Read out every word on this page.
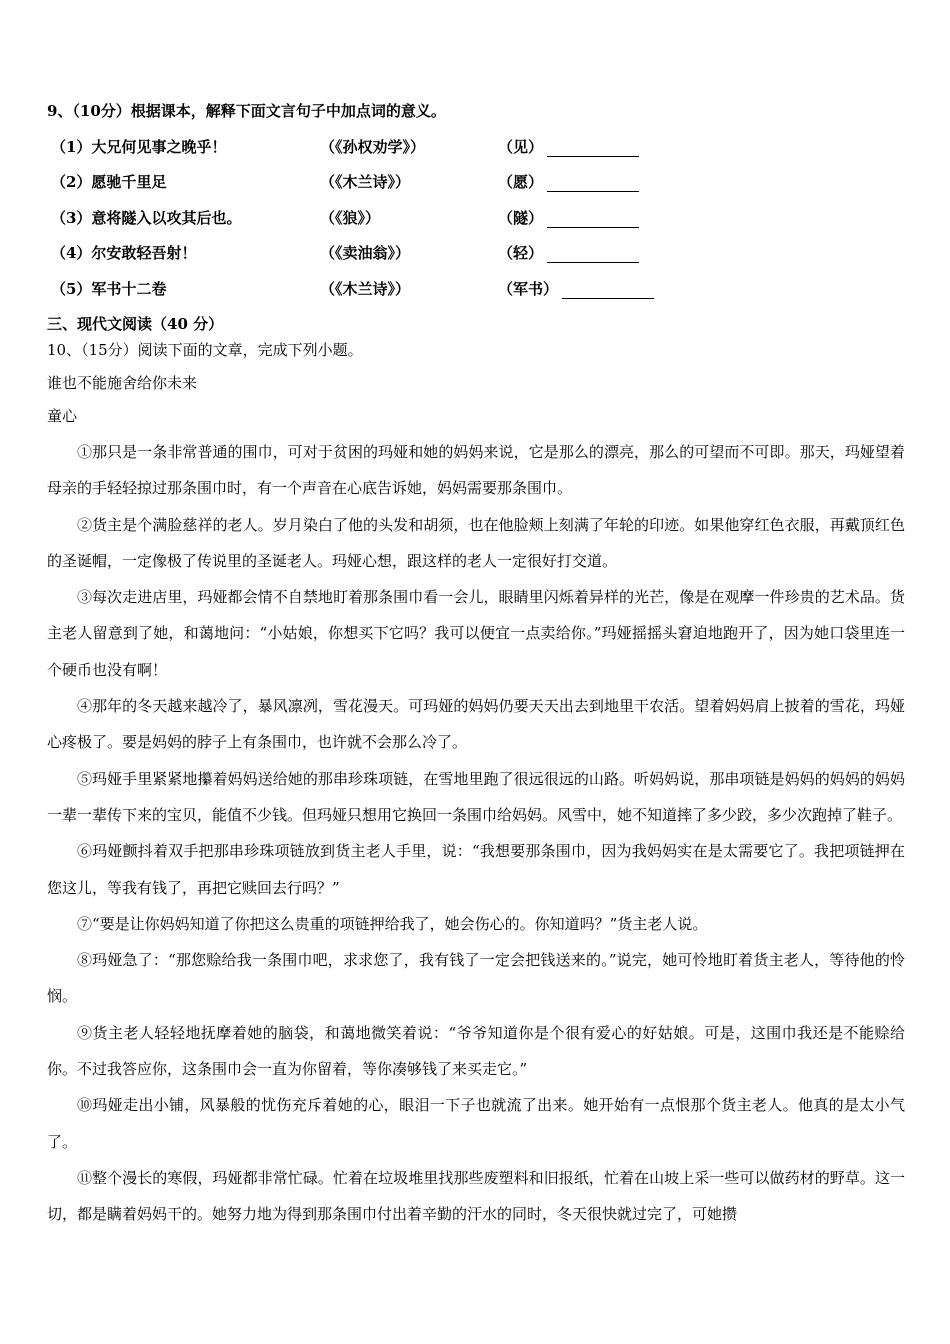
9、（10分）根据课本，解释下面文言句子中加点词的意义。
（1）大兄何见事之晚乎！	（《孙权劝学》）	（见）
（2）愿驰千里足	（《木兰诗》）	（愿）
（3）意将隧入以攻其后也。	（《狼》）	（隧）
（4）尔安敢轻吾射！	（《卖油翁》）	（轻）
（5）军书十二卷	（《木兰诗》）	（军书）
三、现代文阅读（40 分）
10、（15分）阅读下面的文章，完成下列小题。
谁也不能施舍给你未来
童心

①那只是一条非常普通的围巾，可对于贫困的玛娅和她的妈妈来说，它是那么的漂亮，那么的可望而不可即。那天，玛娅望着母亲的手轻轻掠过那条围巾时，有一个声音在心底告诉她，妈妈需要那条围巾。

②货主是个满脸慈祥的老人。岁月染白了他的头发和胡须，也在他脸颊上刻满了年轮的印迹。如果他穿红色衣服，再戴顶红色的圣诞帽，一定像极了传说里的圣诞老人。玛娅心想，跟这样的老人一定很好打交道。

③每次走进店里，玛娅都会情不自禁地盯着那条围巾看一会儿，眼睛里闪烁着异样的光芒，像是在观摩一件珍贵的艺术品。货主老人留意到了她，和蔼地问：“小姑娘，你想买下它吗？我可以便宜一点卖给你。”玛娅摇摇头窘迫地跑开了，因为她口袋里连一个硬币也没有啊！

④那年的冬天越来越冷了，暴风凛冽，雪花漫天。可玛娅的妈妈仍要天天出去到地里干农活。望着妈妈肩上披着的雪花，玛娅心疼极了。要是妈妈的脖子上有条围巾，也许就不会那么冷了。

⑤玛娅手里紧紧地攥着妈妈送给她的那串珍珠项链，在雪地里跑了很远很远的山路。听妈妈说，那串项链是妈妈的妈妈的妈妈一辈一辈传下来的宝贝，能值不少钱。但玛娅只想用它换回一条围巾给妈妈。风雪中，她不知道摔了多少跤，多少次跑掉了鞋子。

⑥玛娅颤抖着双手把那串珍珠项链放到货主老人手里，说：“我想要那条围巾，因为我妈妈实在是太需要它了。我把项链押在您这儿，等我有钱了，再把它赎回去行吗？”

⑦“要是让你妈妈知道了你把这么贵重的项链押给我了，她会伤心的。你知道吗？”货主老人说。

⑧玛娅急了：“那您赊给我一条围巾吧，求求您了，我有钱了一定会把钱送来的。”说完，她可怜地盯着货主老人，等待他的怜悯。

⑨货主老人轻轻地抚摩着她的脑袋，和蔼地微笑着说：“爷爷知道你是个很有爱心的好姑娘。可是，这围巾我还是不能赊给你。不过我答应你，这条围巾会一直为你留着，等你凑够钱了来买走它。”

⑩玛娅走出小铺，风暴般的忧伤充斥着她的心，眼泪一下子也就流了出来。她开始有一点恨那个货主老人。他真的是太小气了。

⑪整个漫长的寒假，玛娅都非常忙碌。忙着在垃圾堆里找那些废塑料和旧报纸，忙着在山坡上采一些可以做药材的野草。这一切，都是瞒着妈妈干的。她努力地为得到那条围巾付出着辛勤的汗水的同时，冬天很快就过完了，可她攒
